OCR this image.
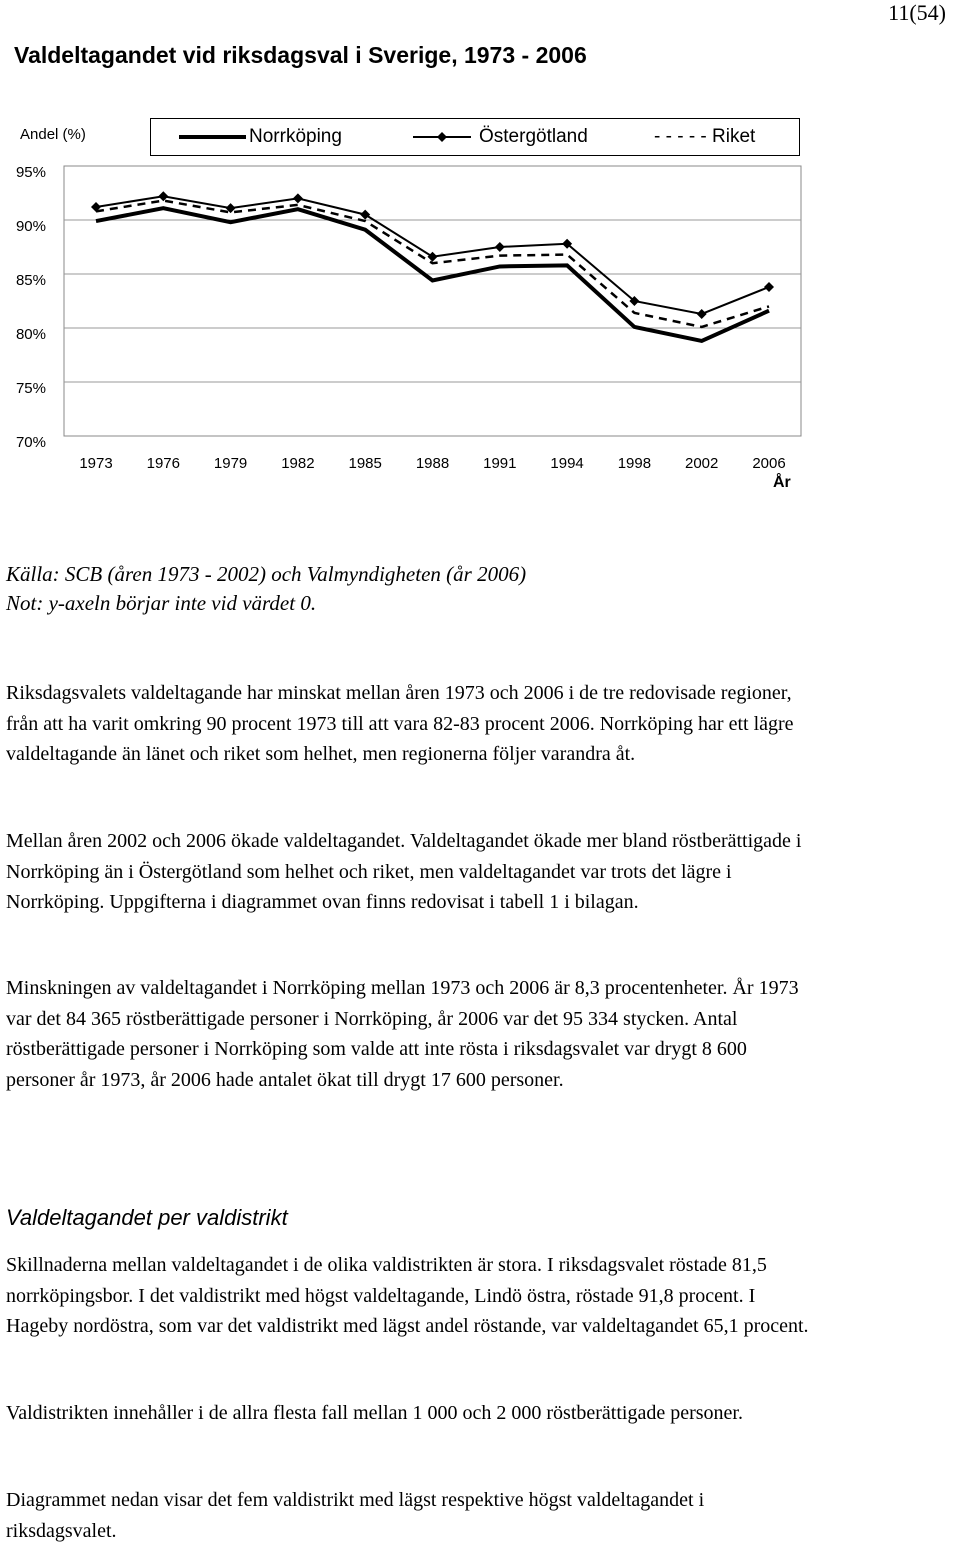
11(54)
Valdeltagandet vid riksdagsval i Sverige, 1973 - 2006
Andel (%)	Norrköping	Östergötland	- - - - - Riket
95%
90%
85%
80%
75%
70%
1973 1976 1979 1982 1985 1988 1991 1994 1998 2002 2006
År
Källa: SCB (åren 1973 - 2002) och Valmyndigheten (år 2006)
Not: y-axeln börjar inte vid värdet 0.

Riksdagsvalets valdeltagande har minskat mellan åren 1973 och 2006 i de tre redovisade regioner, från att ha varit omkring 90 procent 1973 till att vara 82-83 procent 2006. Norrköping har ett lägre valdeltagande än länet och riket som helhet, men regionerna följer varandra åt.

Mellan åren 2002 och 2006 ökade valdeltagandet. Valdeltagandet ökade mer bland röstberättigade i Norrköping än i Östergötland som helhet och riket, men valdeltagandet var trots det lägre i Norrköping. Uppgifterna i diagrammet ovan finns redovisat i tabell 1 i bilagan.

Minskningen av valdeltagandet i Norrköping mellan 1973 och 2006 är 8,3 procentenheter. År 1973 var det 84 365 röstberättigade personer i Norrköping, år 2006 var det 95 334 stycken. Antal röstberättigade personer i Norrköping som valde att inte rösta i riksdagsvalet var drygt 8 600 personer år 1973, år 2006 hade antalet ökat till drygt 17 600 personer.

Valdeltagandet per valdistrikt

Skillnaderna mellan valdeltagandet i de olika valdistrikten är stora. I riksdagsvalet röstade 81,5 norrköpingsbor. I det valdistrikt med högst valdeltagande, Lindö östra, röstade 91,8 procent. I Hageby nordöstra, som var det valdistrikt med lägst andel röstande, var valdeltagandet 65,1 procent.

Valdistrikten innehåller i de allra flesta fall mellan 1 000 och 2 000 röstberättigade personer.

Diagrammet nedan visar det fem valdistrikt med lägst respektive högst valdeltagandet i riksdagsvalet.
